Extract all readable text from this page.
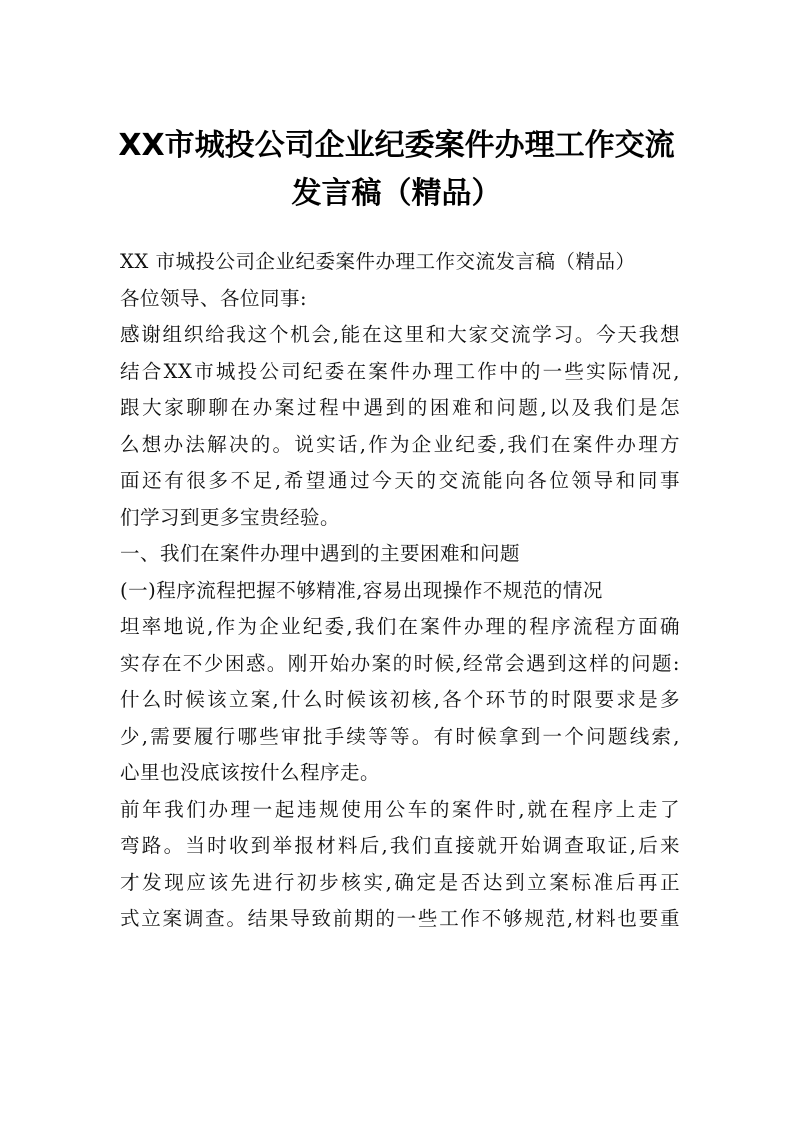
XX市城投公司企业纪委案件办理工作交流
发言稿（精品）
XX 市城投公司企业纪委案件办理工作交流发言稿（精品）
各位领导、各位同事:
感谢组织给我这个机会,能在这里和大家交流学习。今天我想
结合XX市城投公司纪委在案件办理工作中的一些实际情况,
跟大家聊聊在办案过程中遇到的困难和问题,以及我们是怎
么想办法解决的。说实话,作为企业纪委,我们在案件办理方
面还有很多不足,希望通过今天的交流能向各位领导和同事
们学习到更多宝贵经验。
一、我们在案件办理中遇到的主要困难和问题
(一)程序流程把握不够精准,容易出现操作不规范的情况
坦率地说,作为企业纪委,我们在案件办理的程序流程方面确
实存在不少困惑。刚开始办案的时候,经常会遇到这样的问题:
什么时候该立案,什么时候该初核,各个环节的时限要求是多
少,需要履行哪些审批手续等等。有时候拿到一个问题线索,
心里也没底该按什么程序走。
前年我们办理一起违规使用公车的案件时,就在程序上走了
弯路。当时收到举报材料后,我们直接就开始调查取证,后来
才发现应该先进行初步核实,确定是否达到立案标准后再正
式立案调查。结果导致前期的一些工作不够规范,材料也要重
